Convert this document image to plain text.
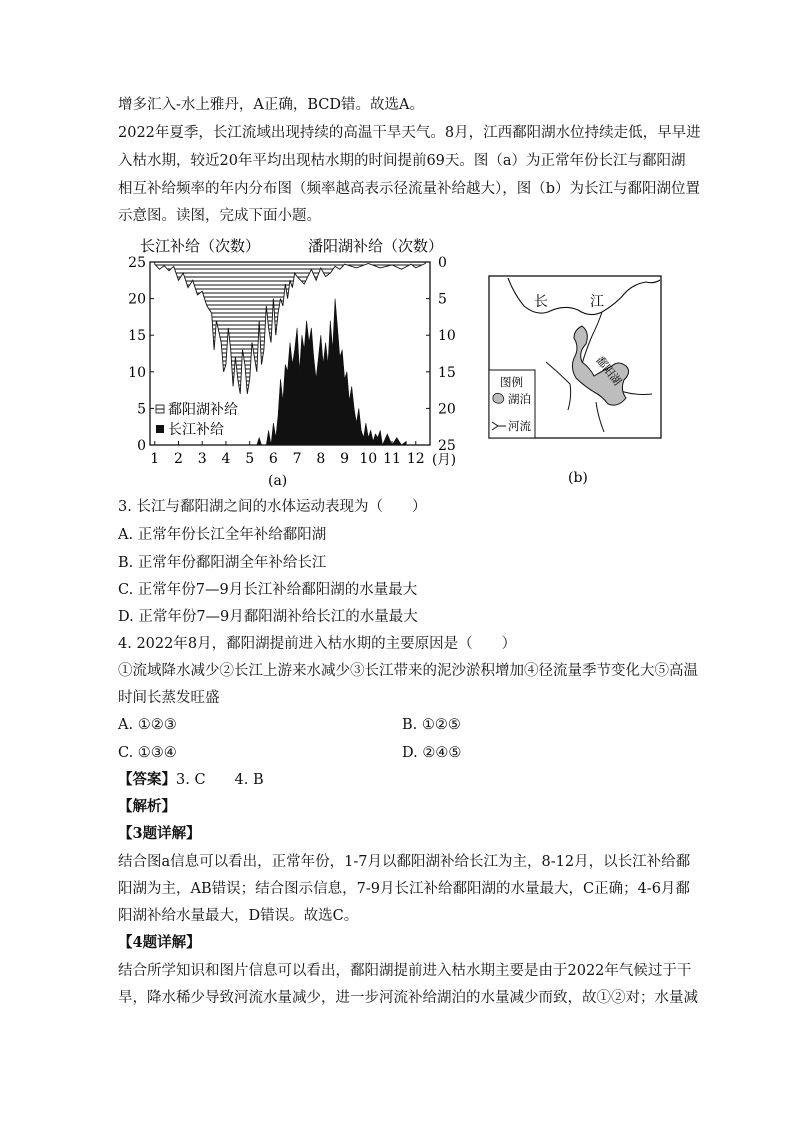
增多汇入-水上雅丹，A正确，BCD错。故选A。
2022年夏季，长江流域出现持续的高温干旱天气。8月，江西鄱阳湖水位持续走低，早早进
入枯水期，较近20年平均出现枯水期的时间提前69天。图（a）为正常年份长江与鄱阳湖
相互补给频率的年内分布图（频率越高表示径流量补给越大），图（b）为长江与鄱阳湖位置
示意图。读图，完成下面小题。
长江补给（次数）	潘阳湖补给（次数）
0
5
10
15
20
25	0
5
10
15
20
25
1 2 3 4 5 6 7 8 9 10 11 12
鄱阳湖补给
长江补给
(月)
(a)
长	江
鄱阳湖
图例
湖泊
河流
(b)
3. 长江与鄱阳湖之间的水体运动表现为（　　）
A. 正常年份长江全年补给鄱阳湖
B. 正常年份鄱阳湖全年补给长江
C. 正常年份7—9月长江补给鄱阳湖的水量最大
D. 正常年份7—9月鄱阳湖补给长江的水量最大
4. 2022年8月，鄱阳湖提前进入枯水期的主要原因是（　　）
①流域降水减少②长江上游来水减少③长江带来的泥沙淤积增加④径流量季节变化大⑤高温
时间长蒸发旺盛
A. ①②③	B. ①②⑤
C. ①③④	D. ②④⑤
【答案】3. C　　4. B
【解析】
【3题详解】
结合图a信息可以看出，正常年份，1-7月以鄱阳湖补给长江为主，8-12月，以长江补给鄱
阳湖为主，AB错误；结合图示信息，7-9月长江补给鄱阳湖的水量最大，C正确；4-6月鄱
阳湖补给水量最大，D错误。故选C。
【4题详解】
结合所学知识和图片信息可以看出，鄱阳湖提前进入枯水期主要是由于2022年气候过于干
旱，降水稀少导致河流水量减少，进一步河流补给湖泊的水量减少而致，故①②对；水量减
